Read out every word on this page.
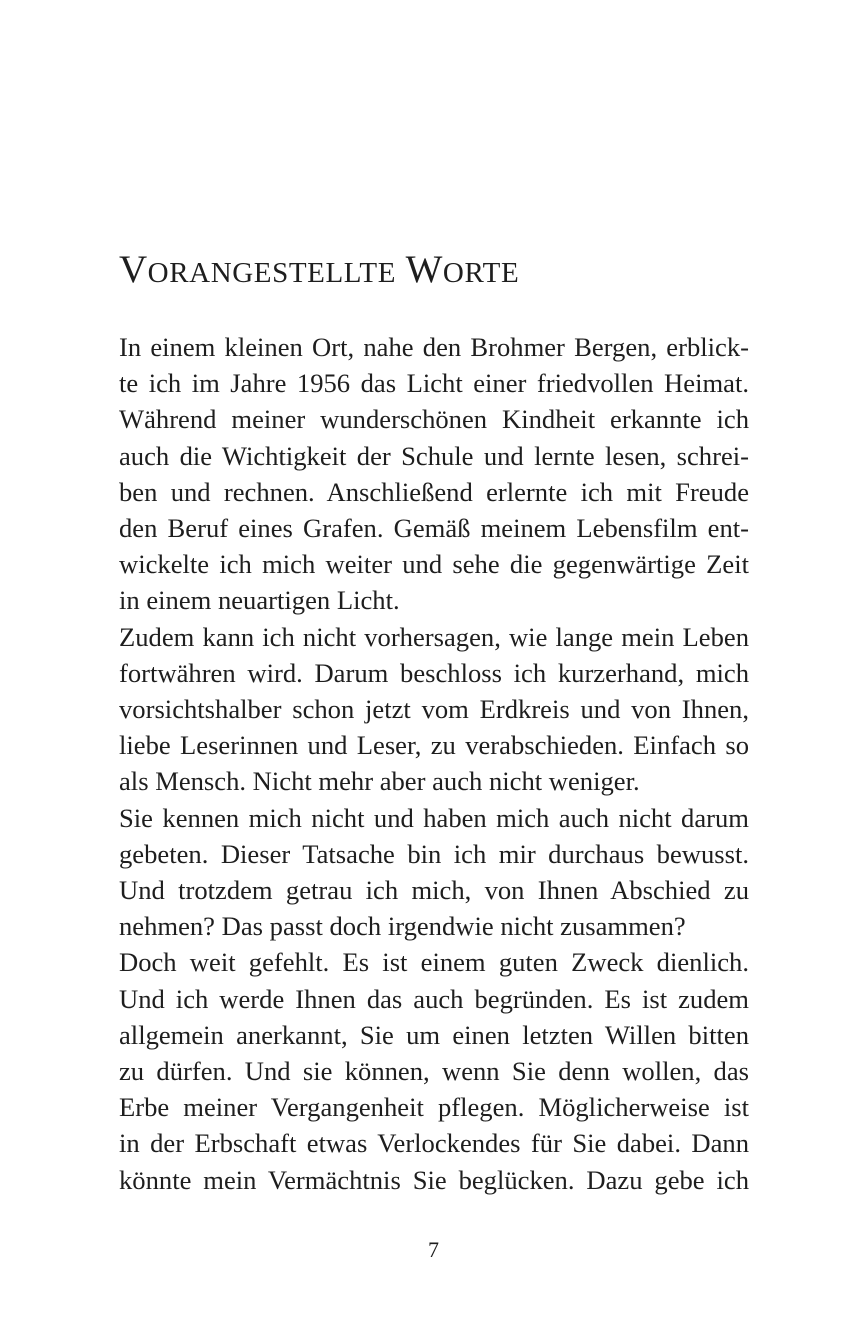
VORANGESTELLTE WORTE
In einem kleinen Ort, nahe den Brohmer Bergen, erblick-
te ich im Jahre 1956 das Licht einer friedvollen Heimat.
Während meiner wunderschönen Kindheit erkannte ich
auch die Wichtigkeit der Schule und lernte lesen, schrei-
ben und rechnen. Anschließend erlernte ich mit Freude
den Beruf eines Grafen. Gemäß meinem Lebensfilm ent-
wickelte ich mich weiter und sehe die gegenwärtige Zeit
in einem neuartigen Licht.
Zudem kann ich nicht vorhersagen, wie lange mein Leben
fortwähren wird. Darum beschloss ich kurzerhand, mich
vorsichtshalber schon jetzt vom Erdkreis und von Ihnen,
liebe Leserinnen und Leser, zu verabschieden. Einfach so
als Mensch. Nicht mehr aber auch nicht weniger.
Sie kennen mich nicht und haben mich auch nicht darum
gebeten. Dieser Tatsache bin ich mir durchaus bewusst.
Und trotzdem getrau ich mich, von Ihnen Abschied zu
nehmen? Das passt doch irgendwie nicht zusammen?
Doch weit gefehlt. Es ist einem guten Zweck dienlich.
Und ich werde Ihnen das auch begründen. Es ist zudem
allgemein anerkannt, Sie um einen letzten Willen bitten
zu dürfen. Und sie können, wenn Sie denn wollen, das
Erbe meiner Vergangenheit pflegen. Möglicherweise ist
in der Erbschaft etwas Verlockendes für Sie dabei. Dann
könnte mein Vermächtnis Sie beglücken. Dazu gebe ich
7
